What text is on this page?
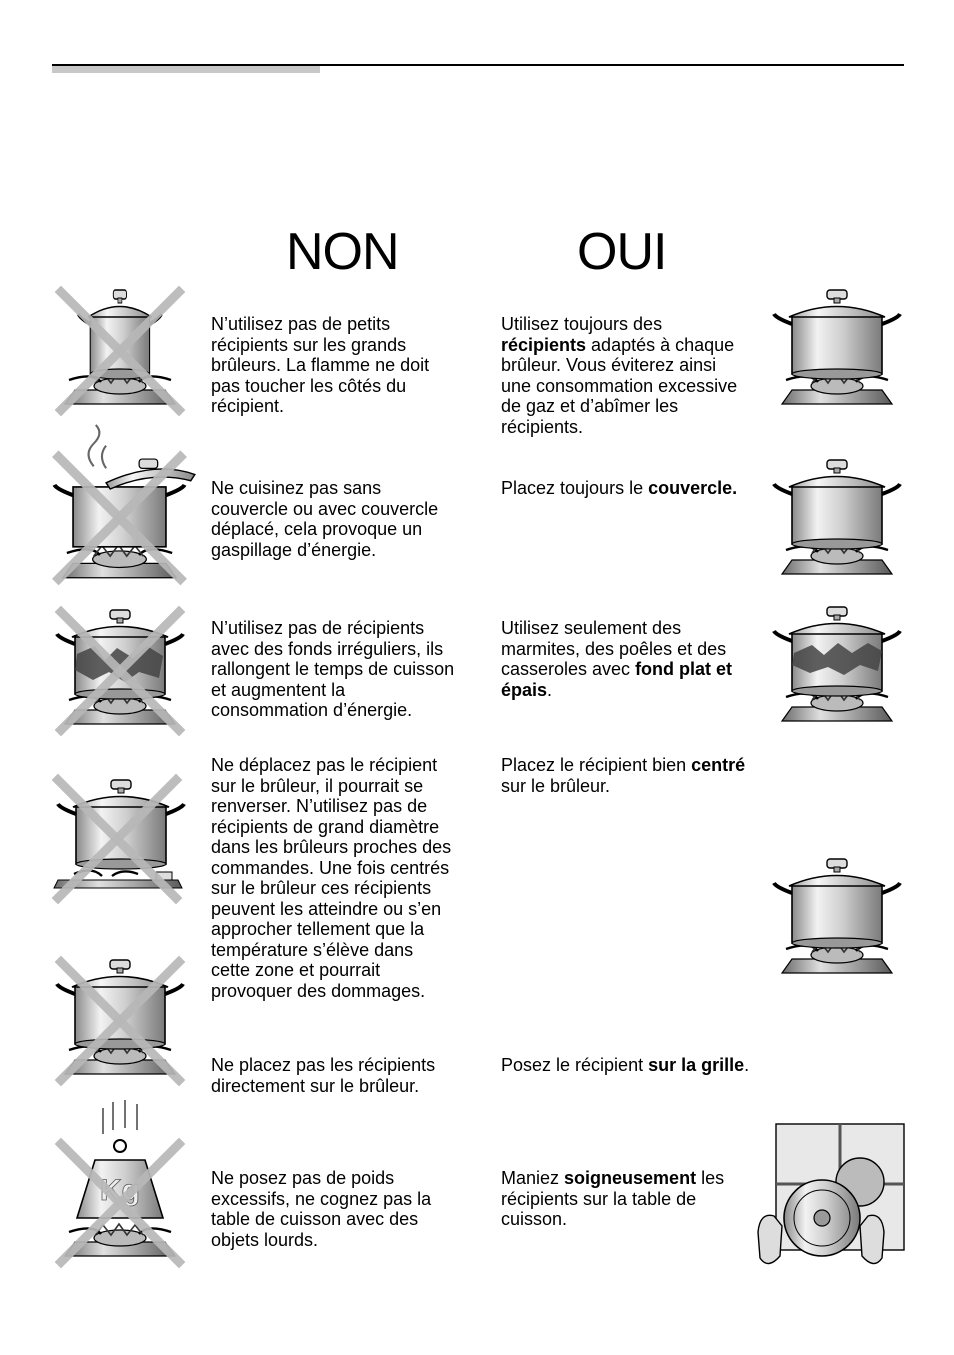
NON	OUI
N’utilisez pas de petits
récipients sur les grands
brûleurs. La flamme ne doit
pas toucher les côtés du
récipient.
Utilisez toujours des
récipients adaptés à chaque
brûleur. Vous éviterez ainsi
une consommation excessive
de gaz et d’abîmer les
récipients.
Ne cuisinez pas sans
couvercle ou avec couvercle
déplacé, cela provoque un
gaspillage d’énergie.
Placez toujours le couvercle.
N’utilisez pas de récipients
avec des fonds irréguliers, ils
rallongent le temps de cuisson
et augmentent la
consommation d’énergie.
Utilisez seulement des
marmites, des poêles et des
casseroles avec fond plat et
épais.
Ne déplacez pas le récipient
sur le brûleur, il pourrait se
renverser. N’utilisez pas de
récipients de grand diamètre
dans les brûleurs proches des
commandes. Une fois centrés
sur le brûleur ces récipients
peuvent les atteindre ou s’en
approcher tellement que la
température s’élève dans
cette zone et pourrait
provoquer des dommages.
Placez le récipient bien centré
sur le brûleur.
Ne placez pas les récipients
directement sur le brûleur.
Posez le récipient sur la grille.
Kg	Ne posez pas de poids
excessifs, ne cognez pas la
table de cuisson avec des
objets lourds.
Maniez soigneusement les
récipients sur la table de
cuisson.
